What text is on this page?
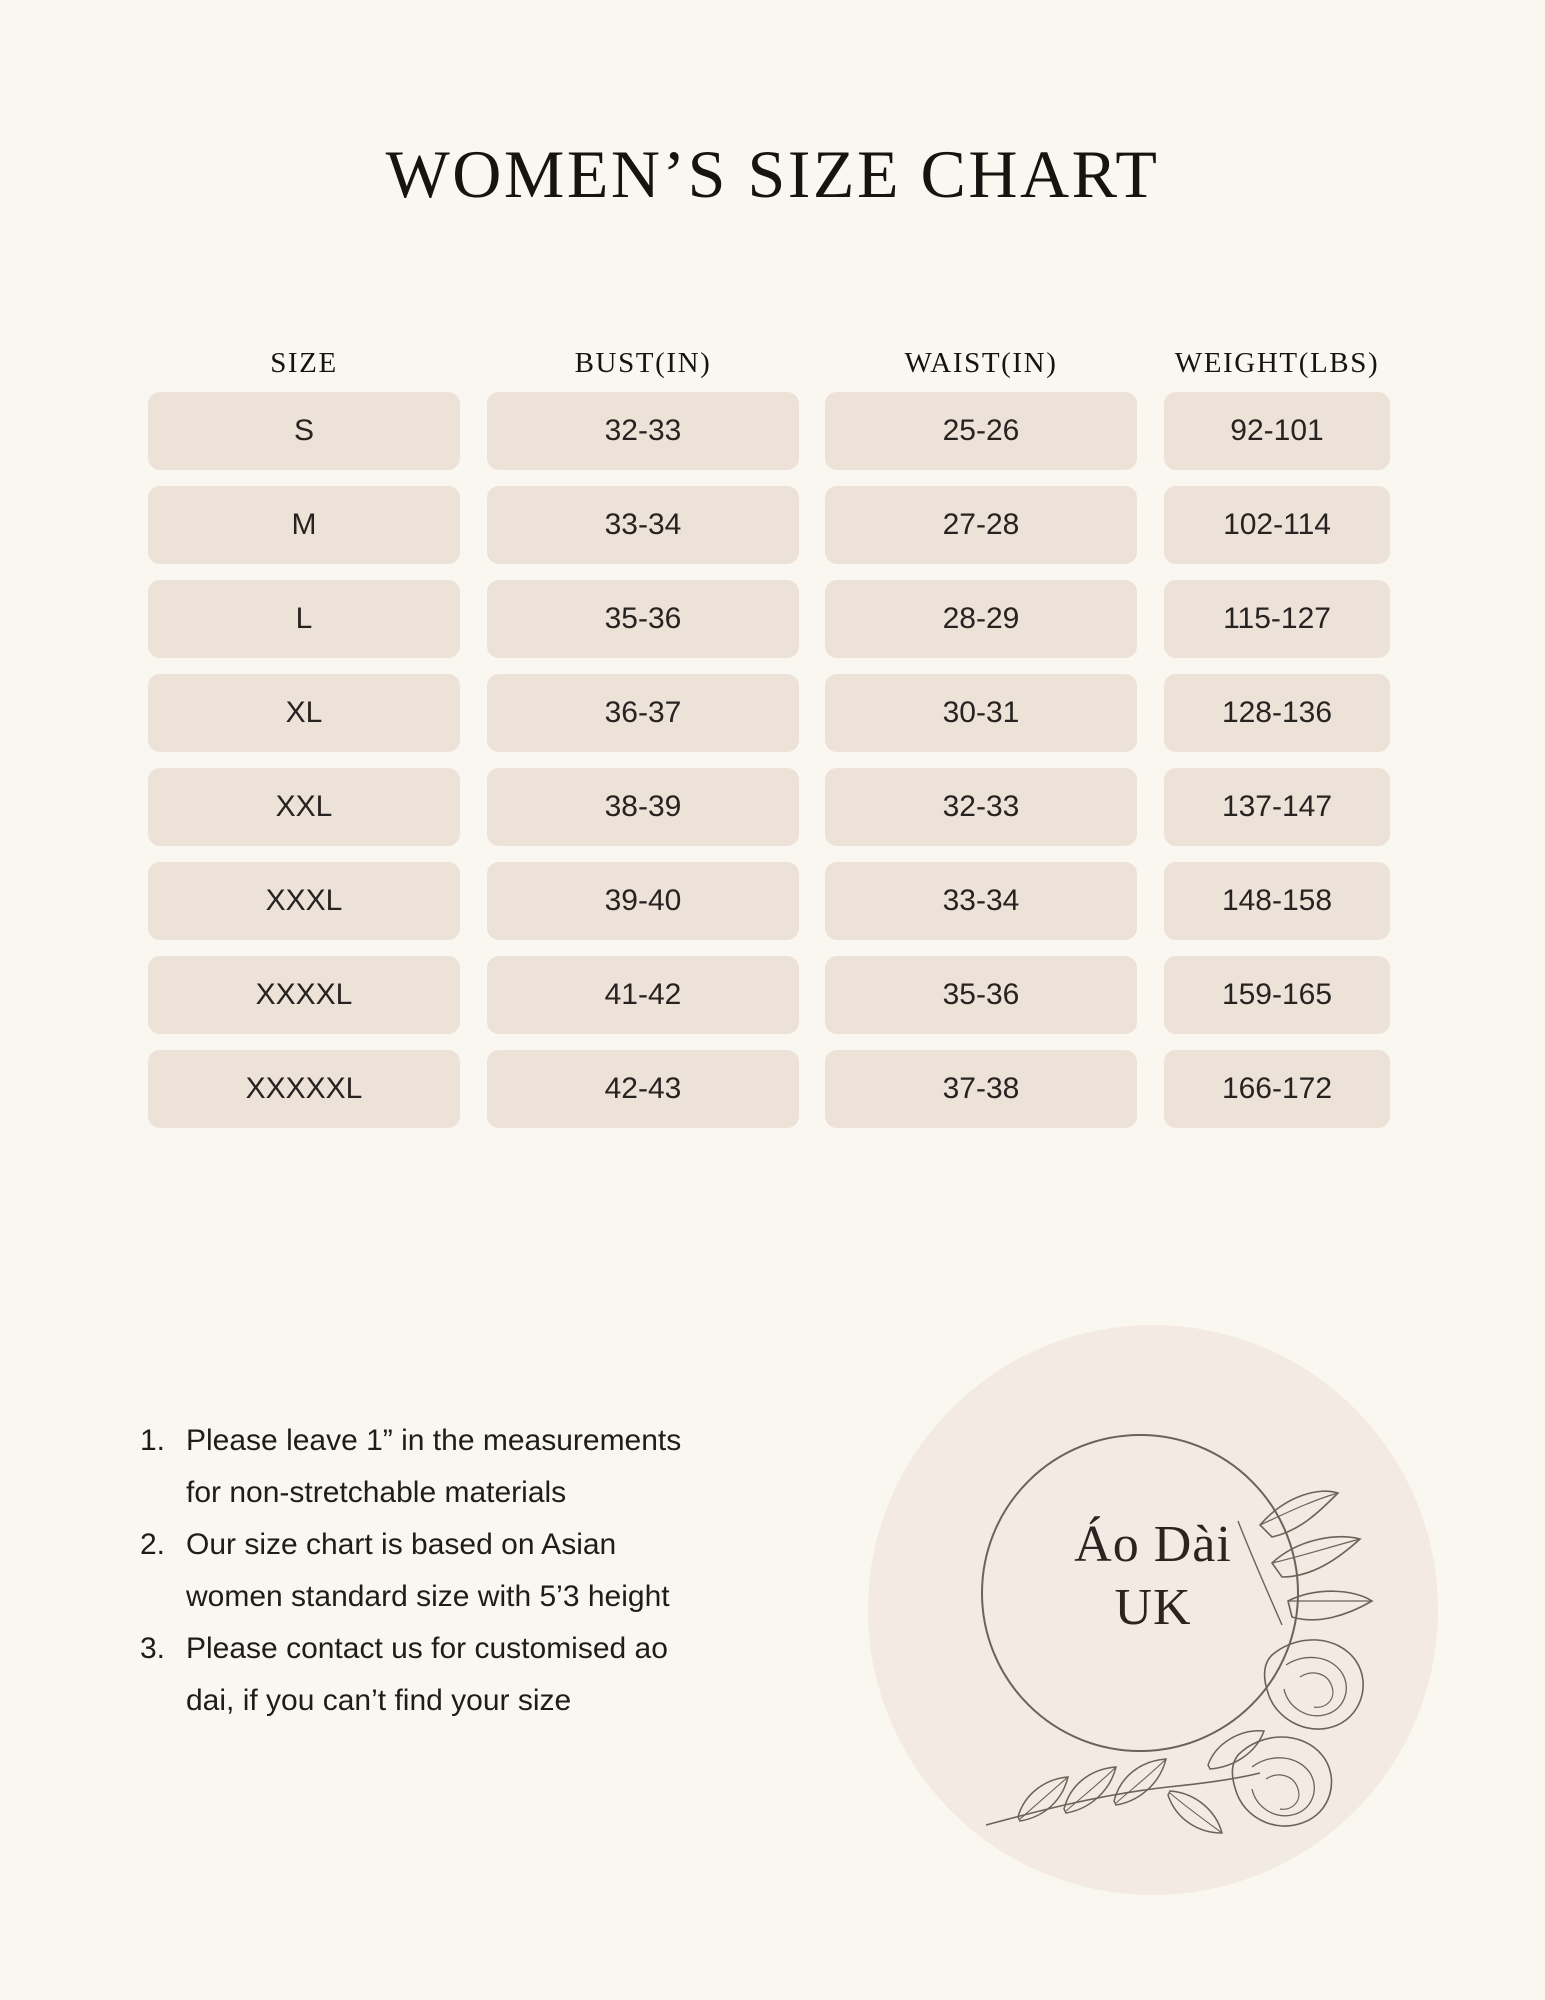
WOMEN’S SIZE CHART
SIZE	BUST(IN)	WAIST(IN)	WEIGHT(LBS)
S	32-33	25-26	92-101
M	33-34	27-28	102-114
L	35-36	28-29	115-127
XL	36-37	30-31	128-136
XXL	38-39	32-33	137-147
XXXL	39-40	33-34	148-158
XXXXL	41-42	35-36	159-165
XXXXXL	42-43	37-38	166-172
1. Please leave 1” in the measurements
for non-stretchable materials
2. Our size chart is based on Asian
women standard size with 5’3 height
3. Please contact us for customised ao
dai, if you can’t find your size
Áo Dài
UK
